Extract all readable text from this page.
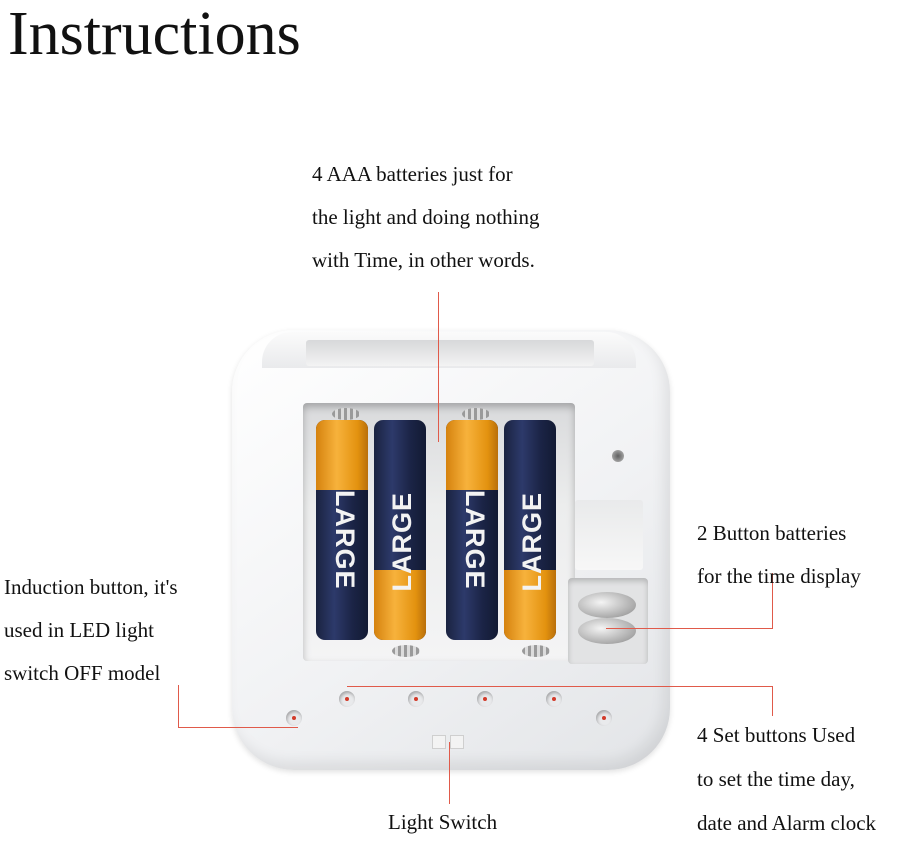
Instructions
LARGE LARGE LARGE LARGE
4 AAA batteries just for
the light and doing nothing
with Time, in other words.
2 Button batteries
for the time display
Induction button, it's
used in LED light
switch OFF model
4 Set buttons Used
to set the time day,
date and Alarm clock
Light Switch
